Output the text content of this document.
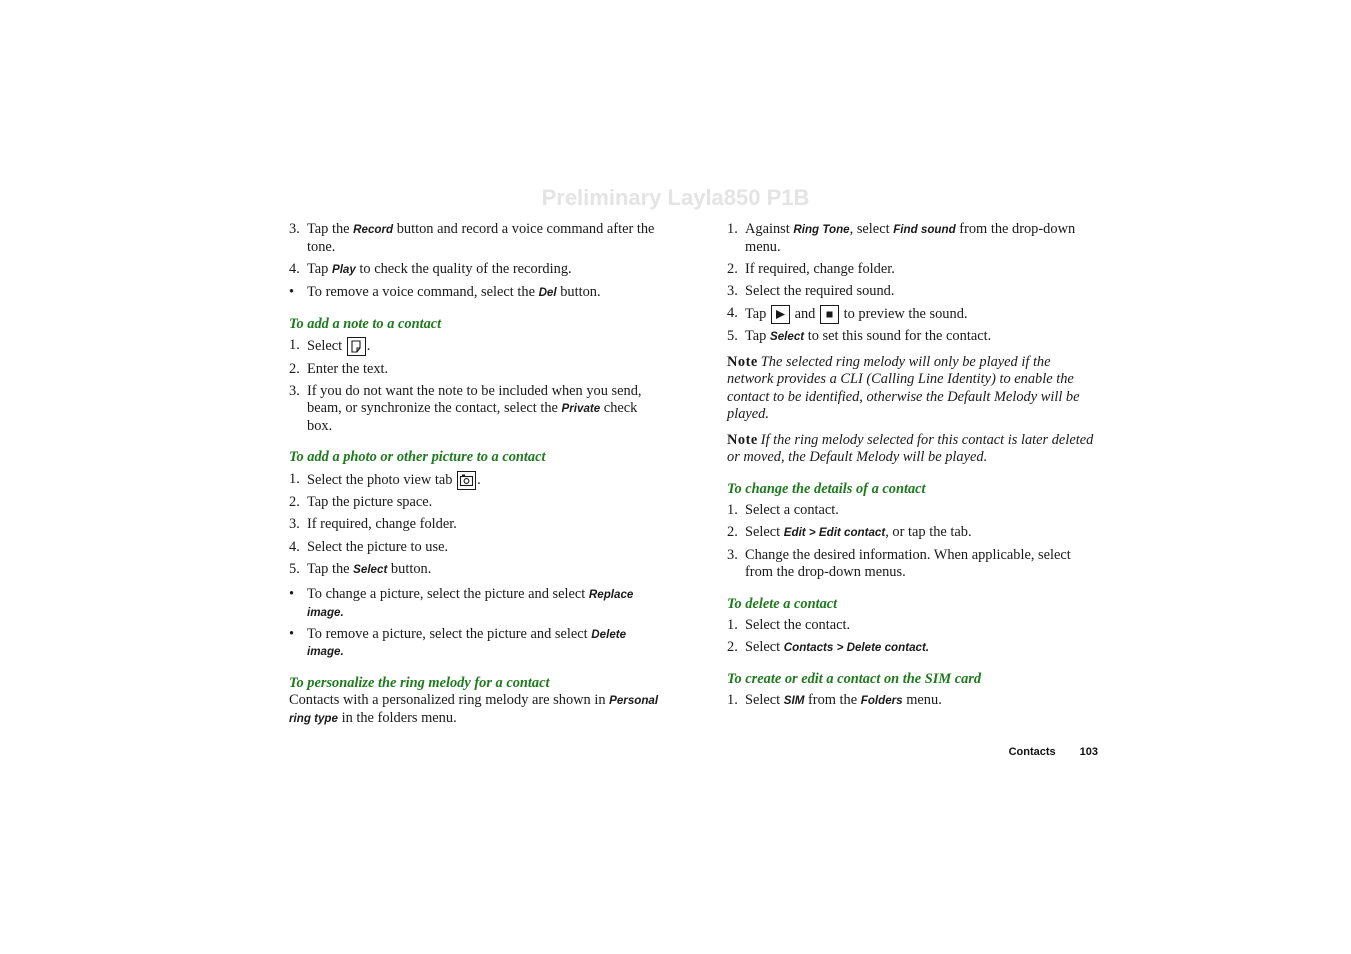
Preliminary Layla850 P1B
3. Tap the Record button and record a voice command after the tone.
4. Tap Play to check the quality of the recording.
• To remove a voice command, select the Del button.
To add a note to a contact
1. Select .
2. Enter the text.
3. If you do not want the note to be included when you send, beam, or synchronize the contact, select the Private check box.
To add a photo or other picture to a contact
1. Select the photo view tab .
2. Tap the picture space.
3. If required, change folder.
4. Select the picture to use.
5. Tap the Select button.
• To change a picture, select the picture and select Replace image.
• To remove a picture, select the picture and select Delete image.
To personalize the ring melody for a contact

Contacts with a personalized ring melody are shown in Personal ring type in the folders menu.

1. Against Ring Tone, select Find sound from the drop-down menu.
2. If required, change folder.
3. Select the required sound.
4. Tap and to preview the sound.
5. Tap Select to set this sound for the contact.

Note The selected ring melody will only be played if the network provides a CLI (Calling Line Identity) to enable the contact to be identified, otherwise the Default Melody will be played.

Note If the ring melody selected for this contact is later deleted or moved, the Default Melody will be played.

To change the details of a contact
1. Select a contact.
2. Select Edit > Edit contact, or tap the tab.
3. Change the desired information. When applicable, select from the drop-down menus.
To delete a contact
1. Select the contact.
2. Select Contacts > Delete contact.
To create or edit a contact on the SIM card
1. Select SIM from the Folders menu.
Contacts 103
